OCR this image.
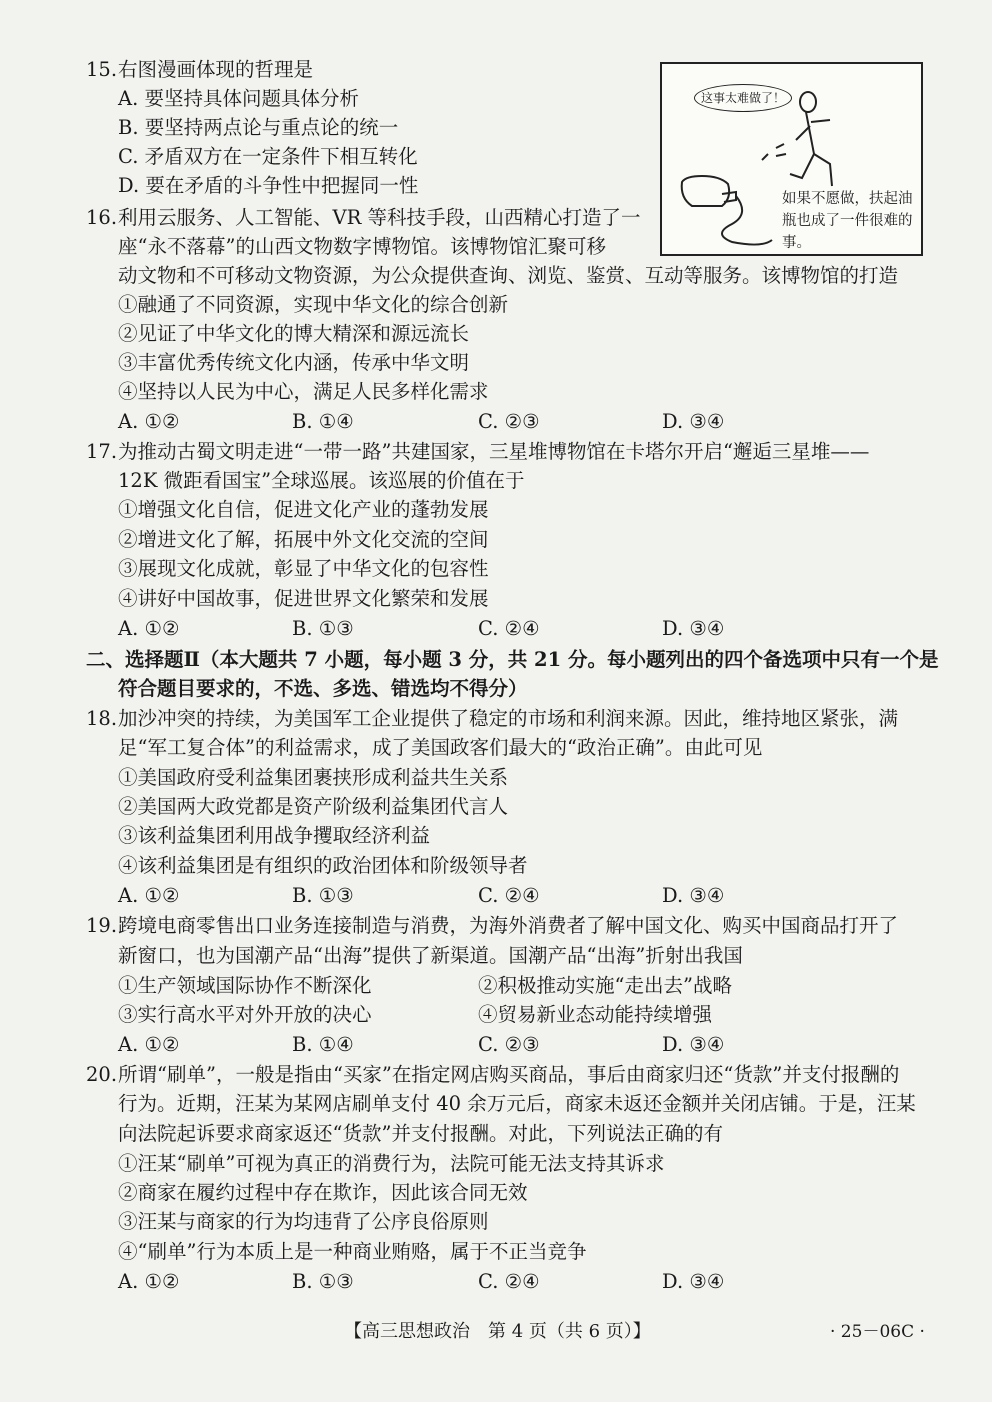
15. 右图漫画体现的哲理是
A. 要坚持具体问题具体分析
B. 要坚持两点论与重点论的统一
C. 矛盾双方在一定条件下相互转化
D. 要在矛盾的斗争性中把握同一性
这事太难做了！
如果不愿做，扶起油瓶也成了一件很难的事。
16. 利用云服务、人工智能、VR 等科技手段，山西精心打造了一
座“永不落幕”的山西文物数字博物馆。该博物馆汇聚可移
动文物和不可移动文物资源，为公众提供查询、浏览、鉴赏、互动等服务。该博物馆的打造
①融通了不同资源，实现中华文化的综合创新
②见证了中华文化的博大精深和源远流长
③丰富优秀传统文化内涵，传承中华文明
④坚持以人民为中心，满足人民多样化需求
A. ①②	B. ①④	C. ②③	D. ③④
17. 为推动古蜀文明走进“一带一路”共建国家，三星堆博物馆在卡塔尔开启“邂逅三星堆——
12K 微距看国宝”全球巡展。该巡展的价值在于
①增强文化自信，促进文化产业的蓬勃发展
②增进文化了解，拓展中外文化交流的空间
③展现文化成就，彰显了中华文化的包容性
④讲好中国故事，促进世界文化繁荣和发展
A. ①②	B. ①③	C. ②④	D. ③④
二、选择题Ⅱ（本大题共 7 小题，每小题 3 分，共 21 分。每小题列出的四个备选项中只有一个是
符合题目要求的，不选、多选、错选均不得分）
18. 加沙冲突的持续，为美国军工企业提供了稳定的市场和利润来源。因此，维持地区紧张，满
足“军工复合体”的利益需求，成了美国政客们最大的“政治正确”。由此可见
①美国政府受利益集团裹挟形成利益共生关系
②美国两大政党都是资产阶级利益集团代言人
③该利益集团利用战争攫取经济利益
④该利益集团是有组织的政治团体和阶级领导者
A. ①②	B. ①③	C. ②④	D. ③④
19. 跨境电商零售出口业务连接制造与消费，为海外消费者了解中国文化、购买中国商品打开了
新窗口，也为国潮产品“出海”提供了新渠道。国潮产品“出海”折射出我国
①生产领域国际协作不断深化	②积极推动实施“走出去”战略
③实行高水平对外开放的决心	④贸易新业态动能持续增强
A. ①②	B. ①④	C. ②③	D. ③④
20. 所谓“刷单”，一般是指由“买家”在指定网店购买商品，事后由商家归还“货款”并支付报酬的
行为。近期，汪某为某网店刷单支付 40 余万元后，商家未返还金额并关闭店铺。于是，汪某
向法院起诉要求商家返还“货款”并支付报酬。对此，下列说法正确的有
①汪某“刷单”可视为真正的消费行为，法院可能无法支持其诉求
②商家在履约过程中存在欺诈，因此该合同无效
③汪某与商家的行为均违背了公序良俗原则
④“刷单”行为本质上是一种商业贿赂，属于不正当竞争
A. ①②	B. ①③	C. ②④	D. ③④
【高三思想政治　第 4 页（共 6 页）】	· 25－06C ·
